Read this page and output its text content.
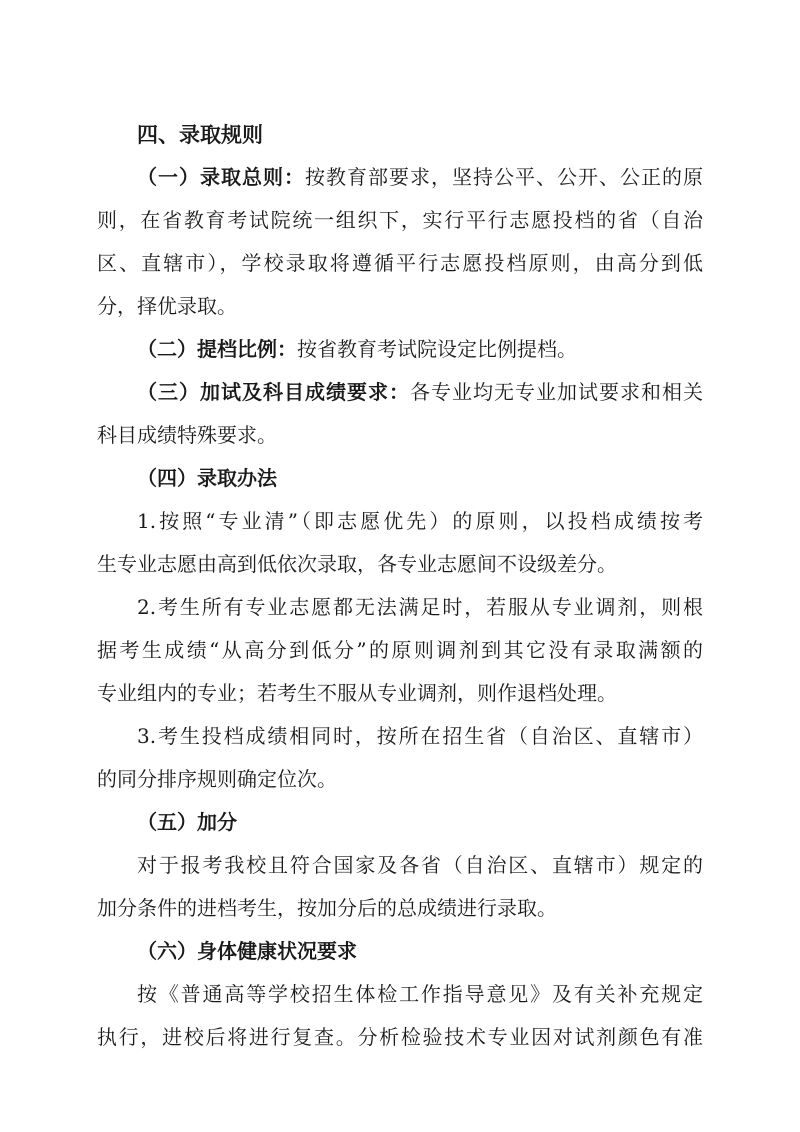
四、录取规则

（一）录取总则：按教育部要求，坚持公平、公开、公正的原

则，在省教育考试院统一组织下，实行平行志愿投档的省（自治

区、直辖市），学校录取将遵循平行志愿投档原则，由高分到低

分，择优录取。

（二）提档比例：按省教育考试院设定比例提档。

（三）加试及科目成绩要求：各专业均无专业加试要求和相关

科目成绩特殊要求。

（四）录取办法

1.按照“专业清”（即志愿优先）的原则，以投档成绩按考

生专业志愿由高到低依次录取，各专业志愿间不设级差分。

2.考生所有专业志愿都无法满足时，若服从专业调剂，则根

据考生成绩“从高分到低分”的原则调剂到其它没有录取满额的

专业组内的专业；若考生不服从专业调剂，则作退档处理。

3.考生投档成绩相同时，按所在招生省（自治区、直辖市）

的同分排序规则确定位次。

（五）加分

对于报考我校且符合国家及各省（自治区、直辖市）规定的

加分条件的进档考生，按加分后的总成绩进行录取。

（六）身体健康状况要求

按《普通高等学校招生体检工作指导意见》及有关补充规定

执行，进校后将进行复查。分析检验技术专业因对试剂颜色有准
